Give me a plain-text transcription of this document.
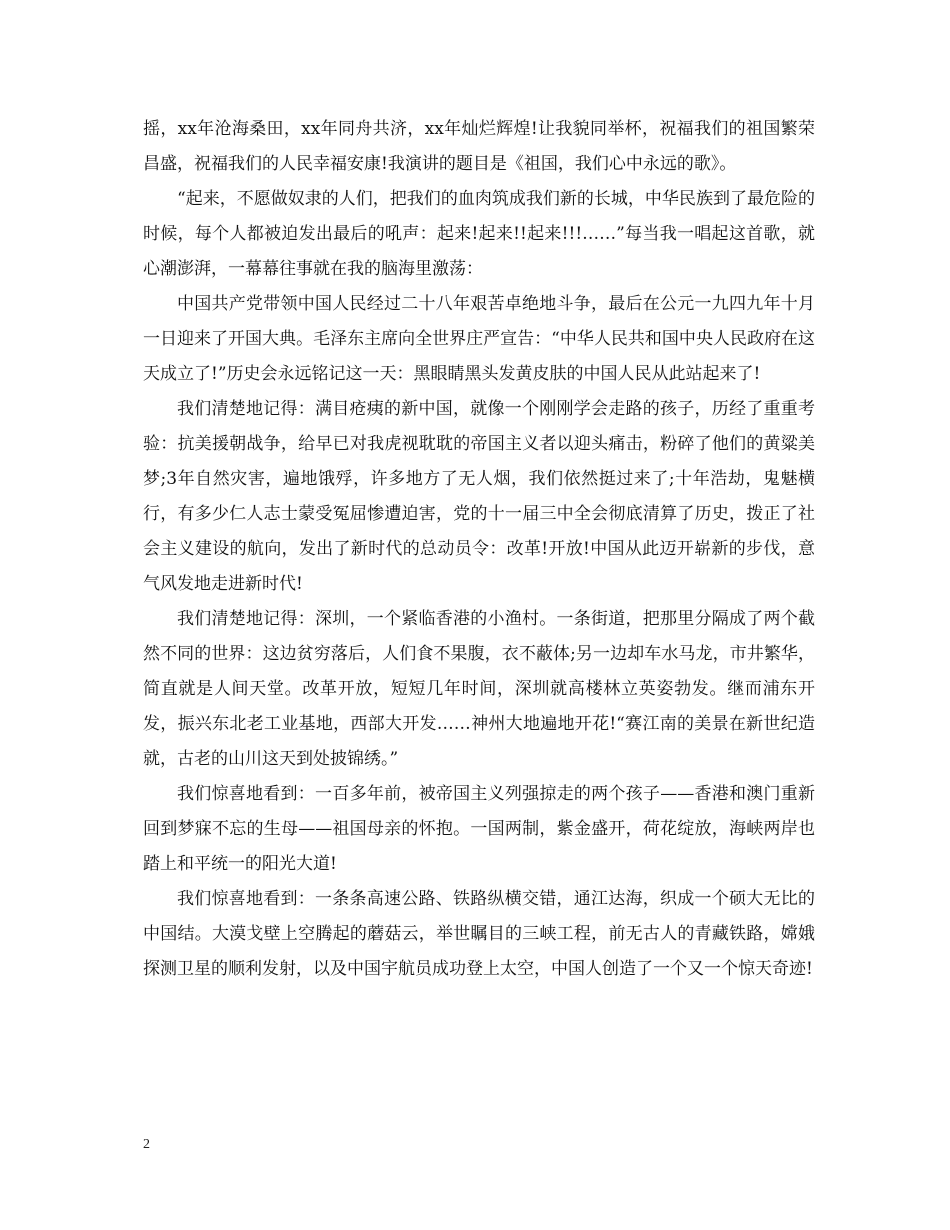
摇，xx年沧海桑田，xx年同舟共济，xx年灿烂辉煌!让我貌同举杯，祝福我们的祖国繁荣昌盛，祝福我们的人民幸福安康!我演讲的题目是《祖国，我们心中永远的歌》。

“起来，不愿做奴隶的人们，把我们的血肉筑成我们新的长城，中华民族到了最危险的时候，每个人都被迫发出最后的吼声：起来!起来!!起来!!!……”每当我一唱起这首歌，就心潮澎湃，一幕幕往事就在我的脑海里激荡：

中国共产党带领中国人民经过二十八年艰苦卓绝地斗争，最后在公元一九四九年十月一日迎来了开国大典。毛泽东主席向全世界庄严宣告：“中华人民共和国中央人民政府在这天成立了!”历史会永远铭记这一天：黑眼睛黑头发黄皮肤的中国人民从此站起来了!

我们清楚地记得：满目疮痍的新中国，就像一个刚刚学会走路的孩子，历经了重重考验：抗美援朝战争，给早已对我虎视耽耽的帝国主义者以迎头痛击，粉碎了他们的黄粱美梦;3年自然灾害，遍地饿殍，许多地方了无人烟，我们依然挺过来了;十年浩劫，鬼魅横行，有多少仁人志士蒙受冤屈惨遭迫害，党的十一届三中全会彻底清算了历史，拨正了社会主义建设的航向，发出了新时代的总动员令：改革!开放!中国从此迈开崭新的步伐，意气风发地走进新时代!

我们清楚地记得：深圳，一个紧临香港的小渔村。一条街道，把那里分隔成了两个截然不同的世界：这边贫穷落后，人们食不果腹，衣不蔽体;另一边却车水马龙，市井繁华，简直就是人间天堂。改革开放，短短几年时间，深圳就高楼林立英姿勃发。继而浦东开发，振兴东北老工业基地，西部大开发……神州大地遍地开花!“赛江南的美景在新世纪造就，古老的山川这天到处披锦绣。”

我们惊喜地看到：一百多年前，被帝国主义列强掠走的两个孩子——香港和澳门重新回到梦寐不忘的生母——祖国母亲的怀抱。一国两制，紫金盛开，荷花绽放，海峡两岸也踏上和平统一的阳光大道!

我们惊喜地看到：一条条高速公路、铁路纵横交错，通江达海，织成一个硕大无比的中国结。大漠戈壁上空腾起的蘑菇云，举世瞩目的三峡工程，前无古人的青藏铁路，嫦娥探测卫星的顺利发射，以及中国宇航员成功登上太空，中国人创造了一个又一个惊天奇迹!

2
